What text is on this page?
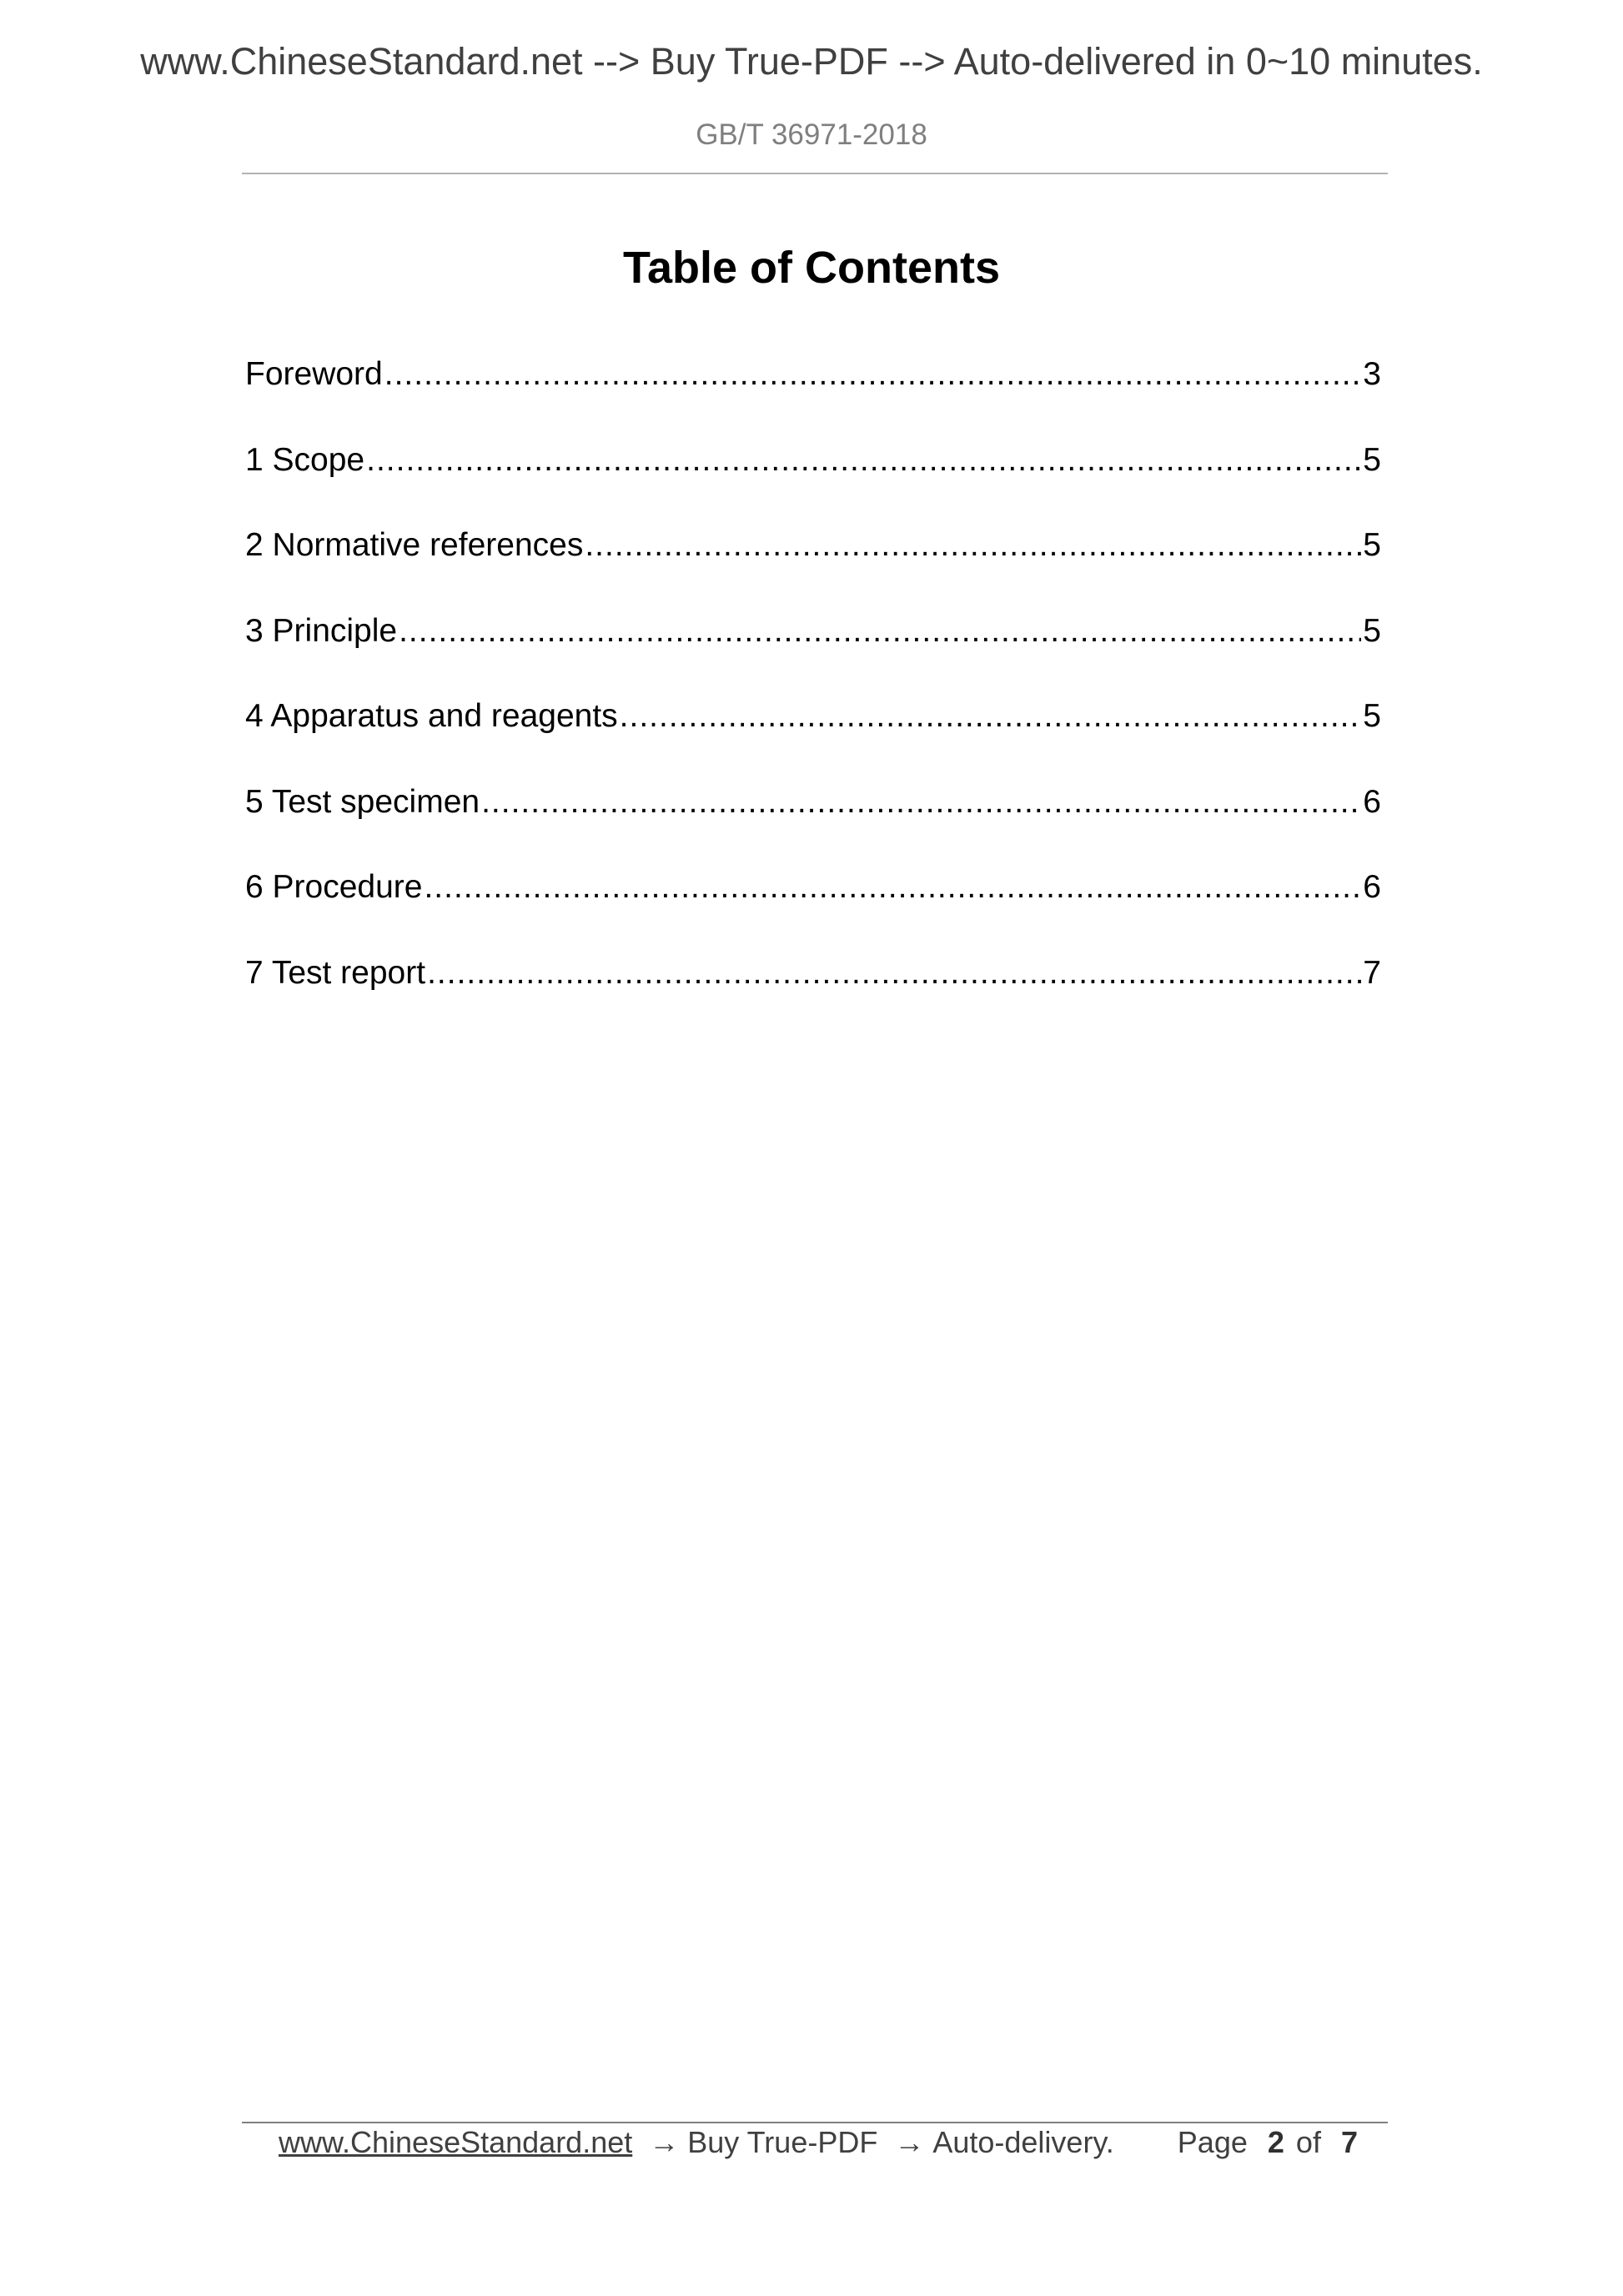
www.ChineseStandard.net --> Buy True-PDF --> Auto-delivered in 0~10 minutes.
GB/T 36971-2018
Table of Contents
Foreword .....	3
1 Scope .....	5
2 Normative references .....	5
3 Principle .....	5
4 Apparatus and reagents .....	5
5 Test specimen .....	6
6 Procedure .....	6
7 Test report .....	7
www.ChineseStandard.net → Buy True-PDF → Auto-delivery. Page 2 of 7
